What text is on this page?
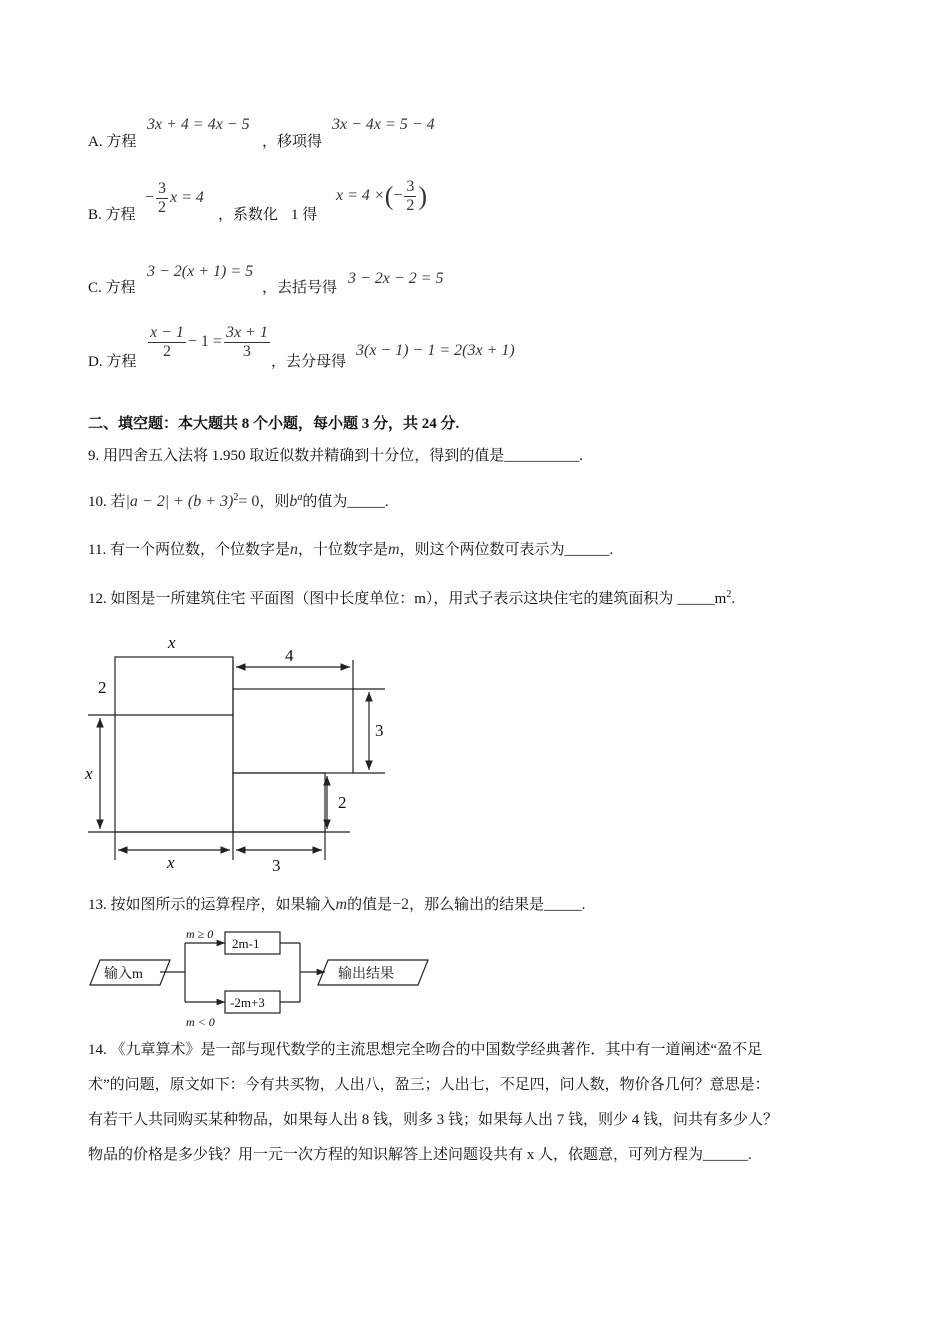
A. 方程
3x + 4 = 4x − 5
，移项得
3x − 4x = 5 − 4
B. 方程
− $\frac{3}{2}$ x = 4
，系数化 1 得
x = 4 ×(− $\frac{3}{2}$ )
C. 方程
3 − 2(x + 1) = 5
，去括号得
3 − 2x − 2 = 5
D. 方程
$\frac{x - 1}{2} - 1 = \frac{3x + 1}{3}$
，去分母得
3(x − 1) − 1 = 2(3x + 1)
二、填空题：本大题共 8 个小题，每小题 3 分，共 24 分.
9. 用四舍五入法将 1.950 取近似数并精确到十分位，得到的值是__________.
10. 若$|a - 2| + (b + 3)^2= 0$，则$b^a$的值为_____.
11. 有一个两位数，个位数字是n，十位数字是m，则这个两位数可表示为______.
12. 如图是一所建筑住宅 平面图（图中长度单位：m），用式子表示这块住宅的建筑面积为 $\_\_\_\_\_m^2$.
x
4
2
3
x
2
x	3
13. 按如图所示的运算程序，如果输入m的值是−2，那么输出的结果是_____.
输入m
m ≥ 0
2m-1
-2m+3
m < 0
输出结果
14. 《九章算术》是一部与现代数学的主流思想完全吻合的中国数学经典著作．其中有一道阐述“盈不足
术”的问题，原文如下：今有共买物，人出八，盈三；人出七，不足四，问人数，物价各几何？意思是：
有若干人共同购买某种物品，如果每人出 8 钱，则多 3 钱；如果每人出 7 钱，则少 4 钱，问共有多少人？
物品的价格是多少钱？用一元一次方程的知识解答上述问题设共有 x 人，依题意，可列方程为______.
